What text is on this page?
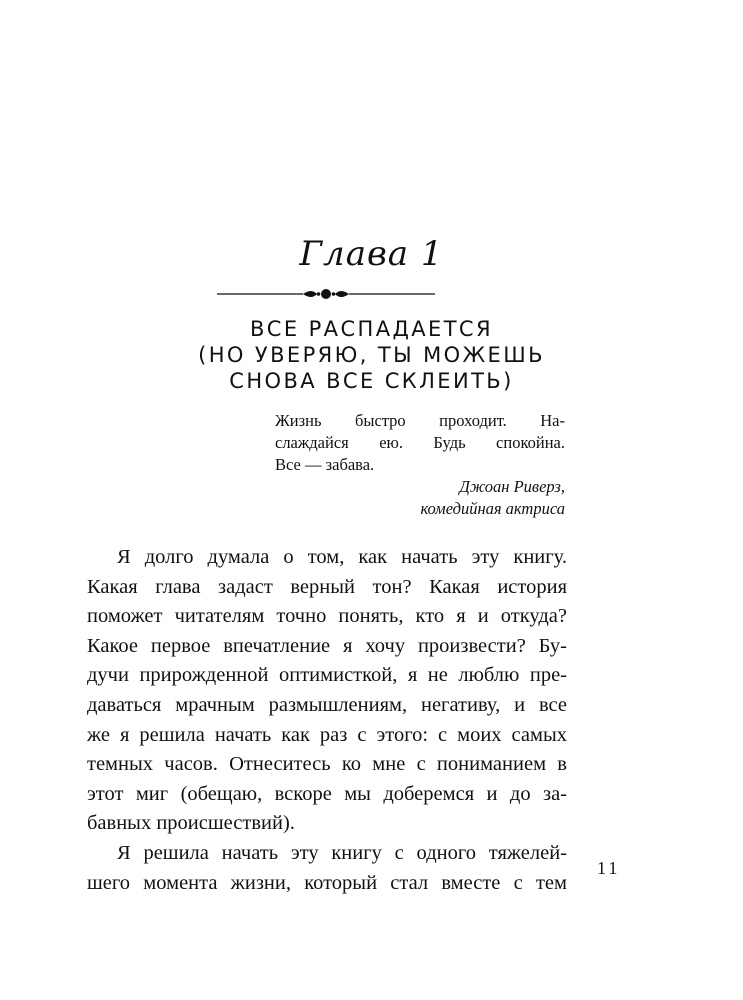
Глава 1
ВСЕ РАСПАДАЕТСЯ
(НО УВЕРЯЮ, ТЫ МОЖЕШЬ
СНОВА ВСЕ СКЛЕИТЬ)
Жизнь быстро проходит. На-
слаждайся ею. Будь спокойна.
Все — забава.
Джоан Риверз,
комедийная актриса
Я долго думала о том, как начать эту книгу.
Какая глава задаст верный тон? Какая история
поможет читателям точно понять, кто я и откуда?
Какое первое впечатление я хочу произвести? Бу-
дучи прирожденной оптимисткой, я не люблю пре-
даваться мрачным размышлениям, негативу, и все
же я решила начать как раз с этого: с моих самых
темных часов. Отнеситесь ко мне с пониманием в
этот миг (обещаю, вскоре мы доберемся и до за-
бавных происшествий).
Я решила начать эту книгу с одного тяжелей-
шего момента жизни, который стал вместе с тем
11
